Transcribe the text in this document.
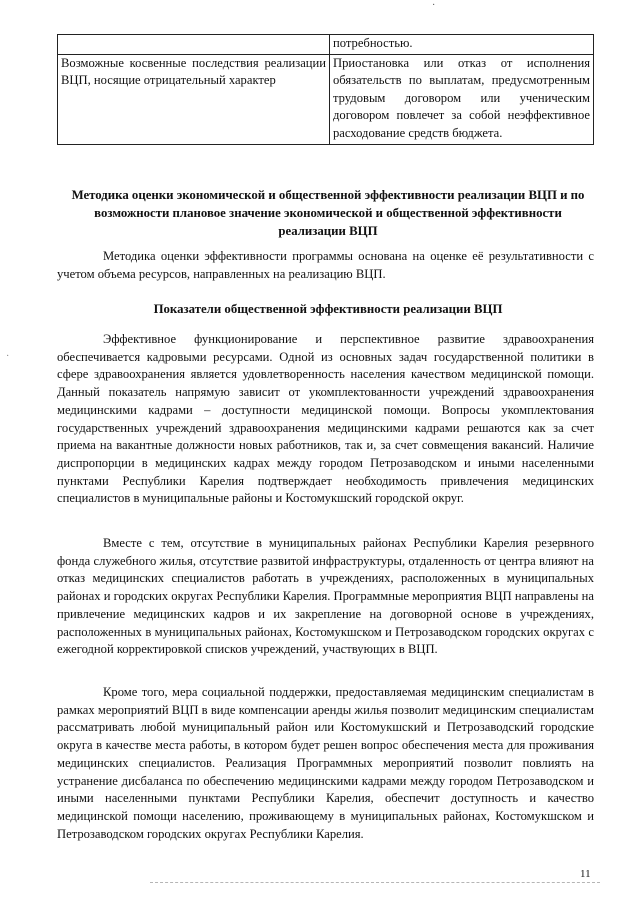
·
·
	потребностью.
Возможные косвенные последствия реализации ВЦП, носящие отрицательный характер	Приостановка или отказ от исполнения обязательств по выплатам, предусмотренным трудовым договором или ученическим договором повлечет за собой неэффективное расходование средств бюджета.
Методика оценки экономической и общественной эффективности реализации ВЦП и по возможности плановое значение экономической и общественной эффективности реализации ВЦП

Методика оценки эффективности программы основана на оценке её результативности с учетом объема ресурсов, направленных на реализацию ВЦП.

Показатели общественной эффективности реализации ВЦП

Эффективное функционирование и перспективное развитие здравоохранения обеспечивается кадровыми ресурсами. Одной из основных задач государственной политики в сфере здравоохранения является удовлетворенность населения качеством медицинской помощи. Данный показатель напрямую зависит от укомплектованности учреждений здравоохранения медицинскими кадрами – доступности медицинской помощи. Вопросы укомплектования государственных учреждений здравоохранения медицинскими кадрами решаются как за счет приема на вакантные должности новых работников, так и, за счет совмещения вакансий. Наличие диспропорции в медицинских кадрах между городом Петрозаводском и иными населенными пунктами Республики Карелия подтверждает необходимость привлечения медицинских специалистов в муниципальные районы и Костомукшский городской округ.

Вместе с тем, отсутствие в муниципальных районах Республики Карелия резервного фонда служебного жилья, отсутствие развитой инфраструктуры, отдаленность от центра влияют на отказ медицинских специалистов работать в учреждениях, расположенных в муниципальных районах и городских округах Республики Карелия. Программные мероприятия ВЦП направлены на привлечение медицинских кадров и их закрепление на договорной основе в учреждениях, расположенных в муниципальных районах, Костомукшском и Петрозаводском городских округах с ежегодной корректировкой списков учреждений, участвующих в ВЦП.

Кроме того, мера социальной поддержки, предоставляемая медицинским специалистам в рамках мероприятий ВЦП в виде компенсации аренды жилья позволит медицинским специалистам рассматривать любой муниципальный район или Костомукшский и Петрозаводский городские округа в качестве места работы, в котором будет решен вопрос обеспечения места для проживания медицинских специалистов. Реализация Программных мероприятий позволит повлиять на устранение дисбаланса по обеспечению медицинскими кадрами между городом Петрозаводском и иными населенными пунктами Республики Карелия, обеспечит доступность и качество медицинской помощи населению, проживающему в муниципальных районах, Костомукшском и Петрозаводском городских округах Республики Карелия.

11
